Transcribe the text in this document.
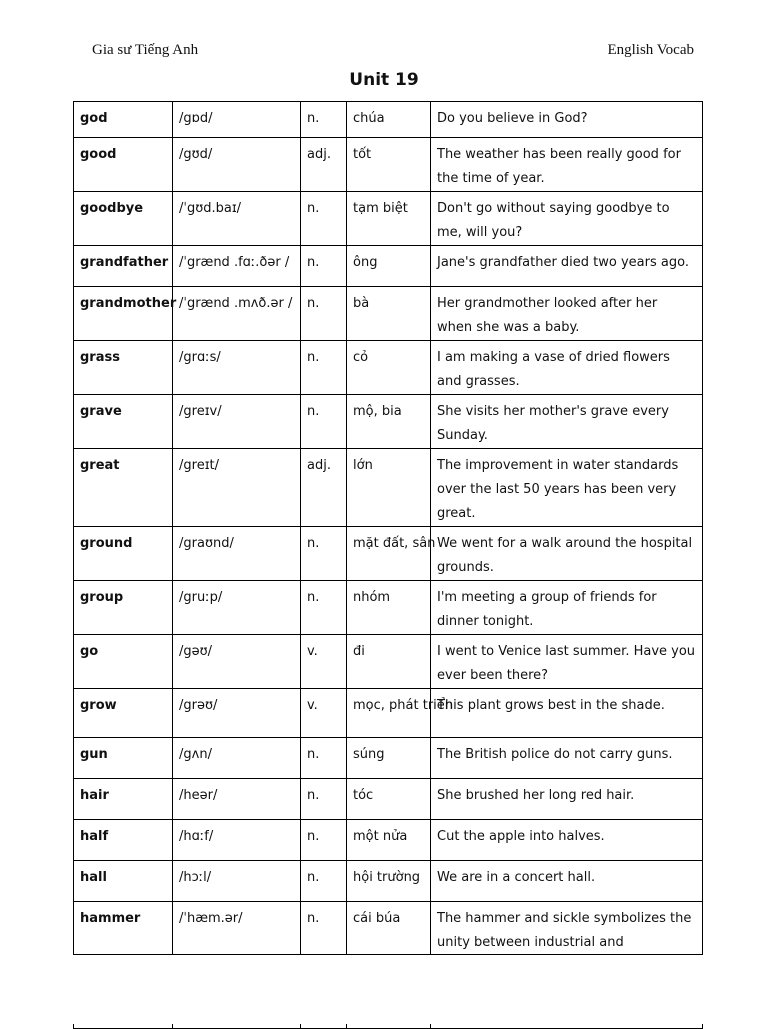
Gia sư Tiếng Anh	English Vocab
Unit 19
god	/gɒd/	n.	chúa	Do you believe in God?
good	/gʊd/	adj.	tốt	The weather has been really good for the time of year.
goodbye	/ˈgʊd.baɪ/	n.	tạm biệt	Don't go without saying goodbye to me, will you?
grandfather	/ˈgrænd .fɑː.ðər /	n.	ông	Jane's grandfather died two years ago.
grandmother	/ˈgrænd .mʌð.ər /	n.	bà	Her grandmother looked after her when she was a baby.
grass	/grɑːs/	n.	cỏ	I am making a vase of dried flowers and grasses.
grave	/greɪv/	n.	mộ, bia	She visits her mother's grave every Sunday.
great	/greɪt/	adj.	lớn	The improvement in water standards over the last 50 years has been very great.
ground	/graʊnd/	n.	mặt đất, sân	We went for a walk around the hospital grounds.
group	/gruːp/	n.	nhóm	I'm meeting a group of friends for dinner tonight.
go	/gəʊ/	v.	đi	I went to Venice last summer. Have you ever been there?
grow	/grəʊ/	v.	mọc, phát triển	This plant grows best in the shade.
gun	/gʌn/	n.	súng	The British police do not carry guns.
hair	/heər/	n.	tóc	She brushed her long red hair.
half	/hɑːf/	n.	một nửa	Cut the apple into halves.
hall	/hɔːl/	n.	hội trường	We are in a concert hall.
hammer	/ˈhæm.ər/	n.	cái búa	The hammer and sickle symbolizes the unity between industrial and
